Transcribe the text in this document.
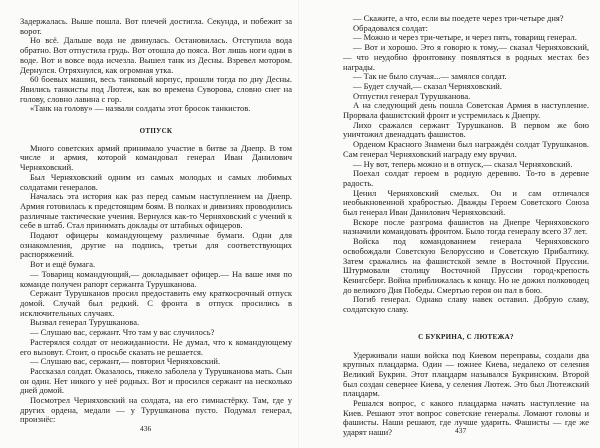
Задержалась. Выше пошла. Вот плечей достигла. Секунда, и побежит за ворот.

Но всё. Дальше вода не двинулась. Остановилась. Отступила вода обратно. Вот отпустила грудь. Вот отошла до пояса. Вот лишь ноги одни в воде. Вот и вовсе вода исчезла. Вышел танк из Десны. Взревел мотором. Дернулся. Отряхнулся, как огромная утка.

60 боевых машин, весь танковый корпус, прошли тогда по дну Десны. Явились танкисты под Лютеж, как во времена Суворова, словно снег на голову, словно лавина с гор.

«Танк на голову» — назвали солдаты этот бросок танкистов.

ОТПУСК

Много советских армий принимало участие в битве за Днепр. В том числе и армия, которой командовал генерал Иван Данилович Черняховский.

Был Черняховский одним из самых молодых и самых любимых солдатами генералов.

Началась эта история как раз перед самым наступлением на Днепр. Армия готовилась к предстоящим боям. В полках и дивизиях проводились различные тактические учения. Вернулся как-то Черняховский с учений к себе в штаб. Стал принимать доклады от штабных офицеров.

Подают офицеры командующему различные бумаги. Одни для ознакомления, другие на подпись, третьи для соответствующих распоряжений.

Вот и ещё бумага.

— Товарищ командующий,— докладывает офицер.— На ваше имя по команде получен рапорт сержанта Турушканова.

Сержант Турушканов просил предоставить ему краткосрочный отпуск домой. Случай был редкий. С фронта в отпуск просились в исключительных случаях.

Вызвал генерал Турушканова.

— Слушаю вас, сержант. Что там у вас случилось?

Растерялся солдат от неожиданности. Не думал, что к командующему его вызовут. Стоит, о просьбе сказать не решается.

— Слушаю вас, сержант,— повторил Черняховский.

Рассказал солдат. Оказалось, тяжело заболела у Турушканова мать. Сын он один. Нет никого у неё родных. Вот и просился сержант на несколько дней домой.

Посмотрел Черняховский на солдата, на его гимнастёрку. Там, где у других ордена, медали — у Турушканова пусто. Подумал генерал, произнёс:

436

— Скажите, а что, если вы поедете через три-четыре дня?

Обрадовался солдат:

— Можно и через три-четыре, и через пять, товарищ генерал.

— Вот и хорошо. Это я говорю к тому,— сказал Черняховский,— что неудобно фронтовику появляться в родных местах без награды.

— Так не было случая...— замялся солдат.

— Будет случай,— сказал Черняховский.

Отпустил генерал Турушканова.

А на следующий день пошла Советская Армия в наступление. Прорвала фашистский фронт и устремилась к Днепру.

Лихо сражался сержант Турушканов. В первом же бою уничтожил двенадцать фашистов.

Орденом Красного Знамени был награждён солдат Турушканов. Сам генерал Черняховский награду ему вручил.

— Ну вот, теперь можно и в отпуск,— сказал Черняховский.

Поехал солдат героем в родную деревню. То-то в деревне радость.

Ценил Черняховский смелых. Он и сам отличался необыкновенной храбростью. Дважды Героем Советского Союза был генерал Иван Данилович Черняховский.

Вскоре после разгрома фашистов на Днепре Черняховского назначили командовать фронтом. Было тогда генералу всего 37 лет.

Войска под командованием генерала Черняховского освобождали Советскую Белоруссию и Советскую Прибалтику. Затем сражались на фашистской земле в Восточной Пруссии. Штурмовали столицу Восточной Пруссии город-крепость Кенигсберг. Война приближалась к концу. Но не дожил полководец до великого Дня Победы. Смертью героя он пал в бою.

Погиб генерал. Однако славу навек оставил. Добрую славу, солдатскую славу.

С БУКРИНА, С ЛЮТЕЖА?

Удерживали наши войска под Киевом переправы, создали два крупных плацдарма. Один — южнее Киева, недалеко от селения Великий Букрин. Этот плацдарм назывался Букринским. Второй был создан севернее Киева, у селения Лютеж. Это был Лютежский плацдарм.

Решался вопрос, с какого плацдарма начать наступление на Киев. Решают этот вопрос советские генералы. Ломают головы и фашисты. Наши решают, где лучше ударить. Фашисты — где же ударят наши?	437
